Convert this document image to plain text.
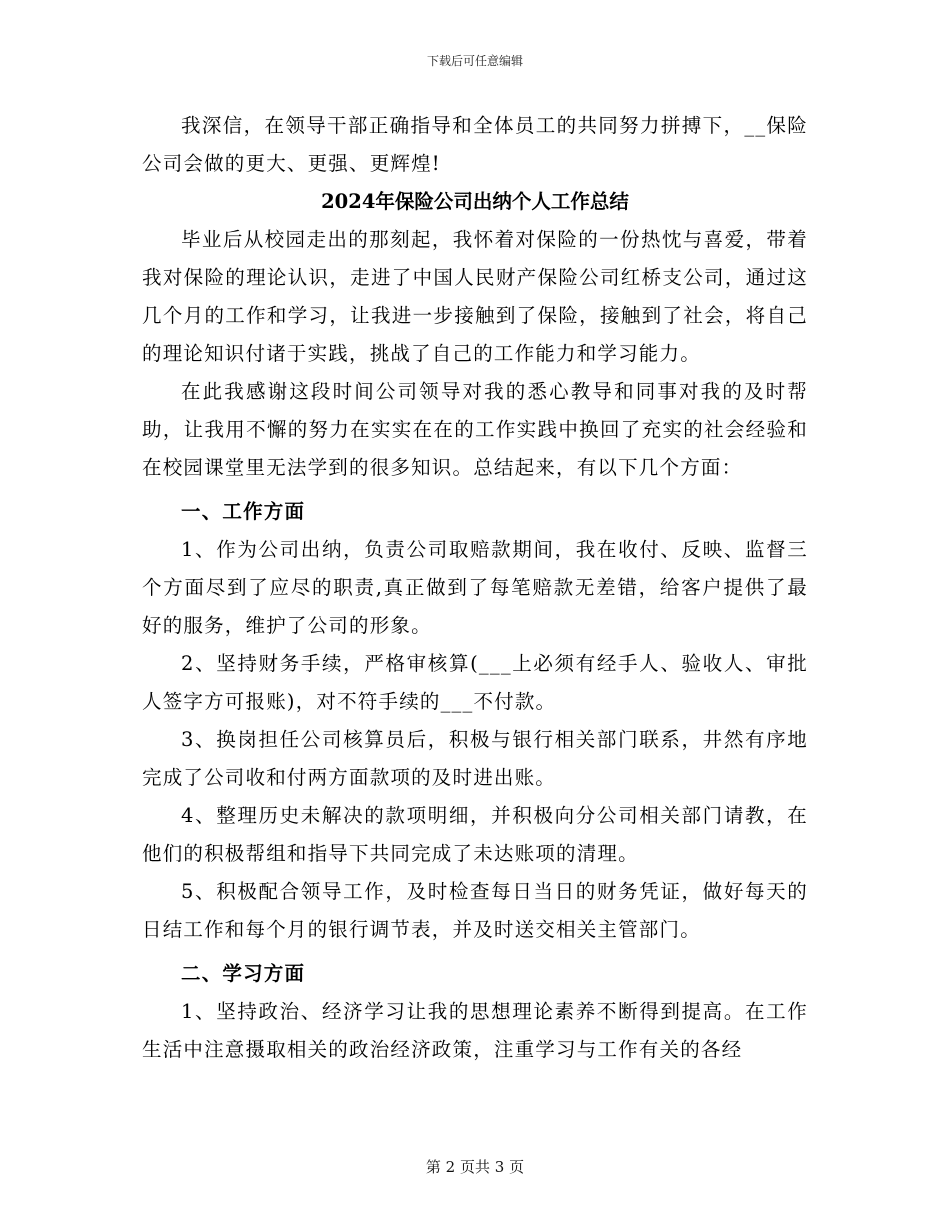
下载后可任意编辑

我深信，在领导干部正确指导和全体员工的共同努力拼搏下，__保险公司会做的更大、更强、更辉煌!

2024年保险公司出纳个人工作总结

毕业后从校园走出的那刻起，我怀着对保险的一份热忱与喜爱，带着我对保险的理论认识，走进了中国人民财产保险公司红桥支公司，通过这几个月的工作和学习，让我进一步接触到了保险，接触到了社会，将自己的理论知识付诸于实践，挑战了自己的工作能力和学习能力。

在此我感谢这段时间公司领导对我的悉心教导和同事对我的及时帮助，让我用不懈的努力在实实在在的工作实践中换回了充实的社会经验和在校园课堂里无法学到的很多知识。总结起来，有以下几个方面：

一、工作方面

1、作为公司出纳，负责公司取赔款期间，我在收付、反映、监督三个方面尽到了应尽的职责,真正做到了每笔赔款无差错，给客户提供了最好的服务，维护了公司的形象。

2、坚持财务手续，严格审核算(___上必须有经手人、验收人、审批人签字方可报账)，对不符手续的___不付款。

3、换岗担任公司核算员后，积极与银行相关部门联系，井然有序地完成了公司收和付两方面款项的及时进出账。

4、整理历史未解决的款项明细，并积极向分公司相关部门请教，在他们的积极帮组和指导下共同完成了未达账项的清理。

5、积极配合领导工作，及时检查每日当日的财务凭证，做好每天的日结工作和每个月的银行调节表，并及时送交相关主管部门。

二、学习方面

1、坚持政治、经济学习让我的思想理论素养不断得到提高。在工作生活中注意摄取相关的政治经济政策，注重学习与工作有关的各经

第 2 页共 3 页
